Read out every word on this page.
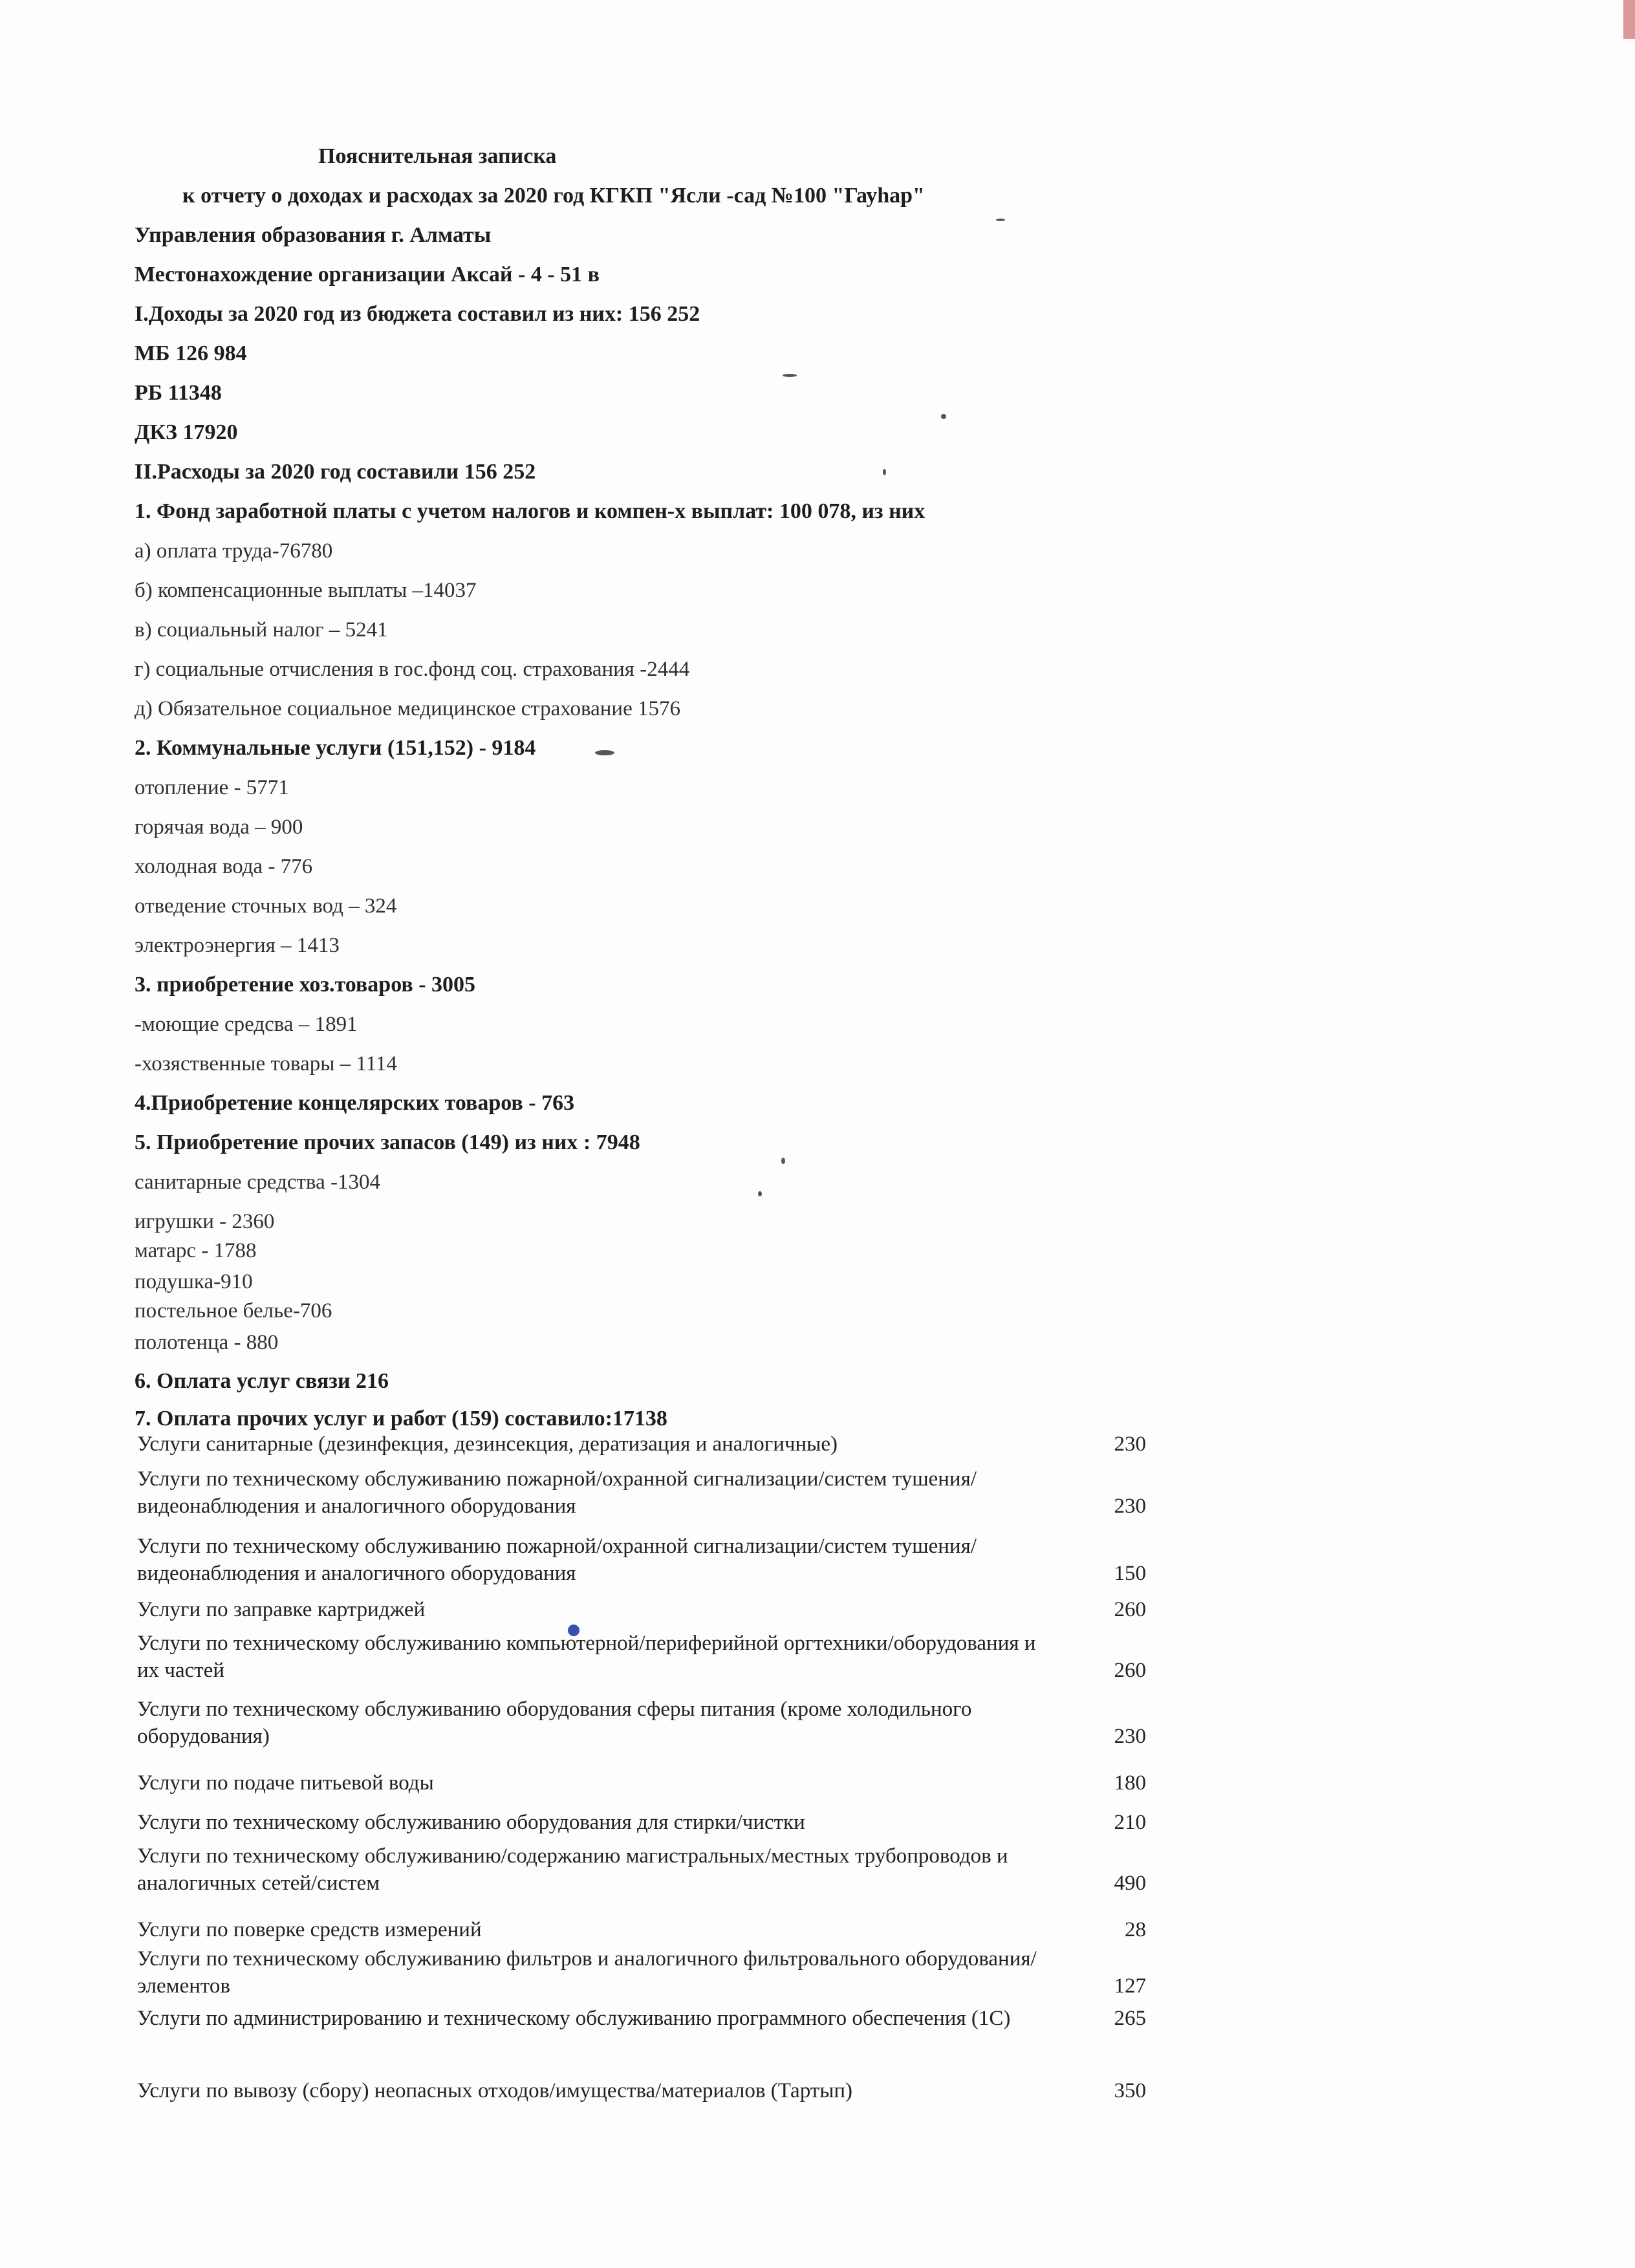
Пояснительная записка
к отчету о доходах и расходах за 2020 год КГКП "Ясли -сад №100 "Гауhар"
Управления образования г. Алматы
Местонахождение организации Аксай - 4 - 51 в
I.Доходы за 2020 год из бюджета составил из них: 156 252
МБ 126 984
РБ 11348
ДКЗ 17920
II.Расходы за 2020 год составили 156 252
1. Фонд заработной платы с учетом налогов и компен-х выплат: 100 078, из них
а) оплата труда-76780
б) компенсационные выплаты –14037
в) социальный налог – 5241
г) социальные отчисления в гос.фонд соц. страхования -2444
д) Обязательное социальное медицинское страхование 1576
2. Коммунальные услуги (151,152) - 9184
отопление - 5771
горячая вода – 900
холодная вода - 776
отведение сточных вод – 324
электроэнергия – 1413
3. приобретение хоз.товаров - 3005
-моющие средсва – 1891
-хозяственные товары – 1114
4.Приобретение концелярских товаров - 763
5. Приобретение прочих запасов (149) из них : 7948
санитарные средства -1304
игрушки - 2360
матарс - 1788
подушка-910
постельное белье-706
полотенца - 880
6. Оплата услуг связи 216
7. Оплата прочих услуг и работ (159) составило:17138
Услуги санитарные (дезинфекция, дезинсекция, дератизация и аналогичные)	230
Услуги по техническому обслуживанию пожарной/охранной сигнализации/систем тушения/видеонаблюдения и аналогичного оборудования	230
Услуги по техническому обслуживанию пожарной/охранной сигнализации/систем тушения/видеонаблюдения и аналогичного оборудования	150
Услуги по заправке картриджей	260
Услуги по техническому обслуживанию компьютерной/периферийной оргтехники/оборудования и их частей	260
Услуги по техническому обслуживанию оборудования сферы питания (кроме холодильного оборудования)	230
Услуги по подаче питьевой воды	180
Услуги по техническому обслуживанию оборудования для стирки/чистки	210
Услуги по техническому обслуживанию/содержанию магистральных/местных трубопроводов и аналогичных сетей/систем	490
Услуги по поверке средств измерений	28
Услуги по техническому обслуживанию фильтров и аналогичного фильтровального оборудования/элементов	127
Услуги по администрированию и техническому обслуживанию программного обеспечения (1С)	265
Услуги по вывозу (сбору) неопасных отходов/имущества/материалов (Тартып)	350
